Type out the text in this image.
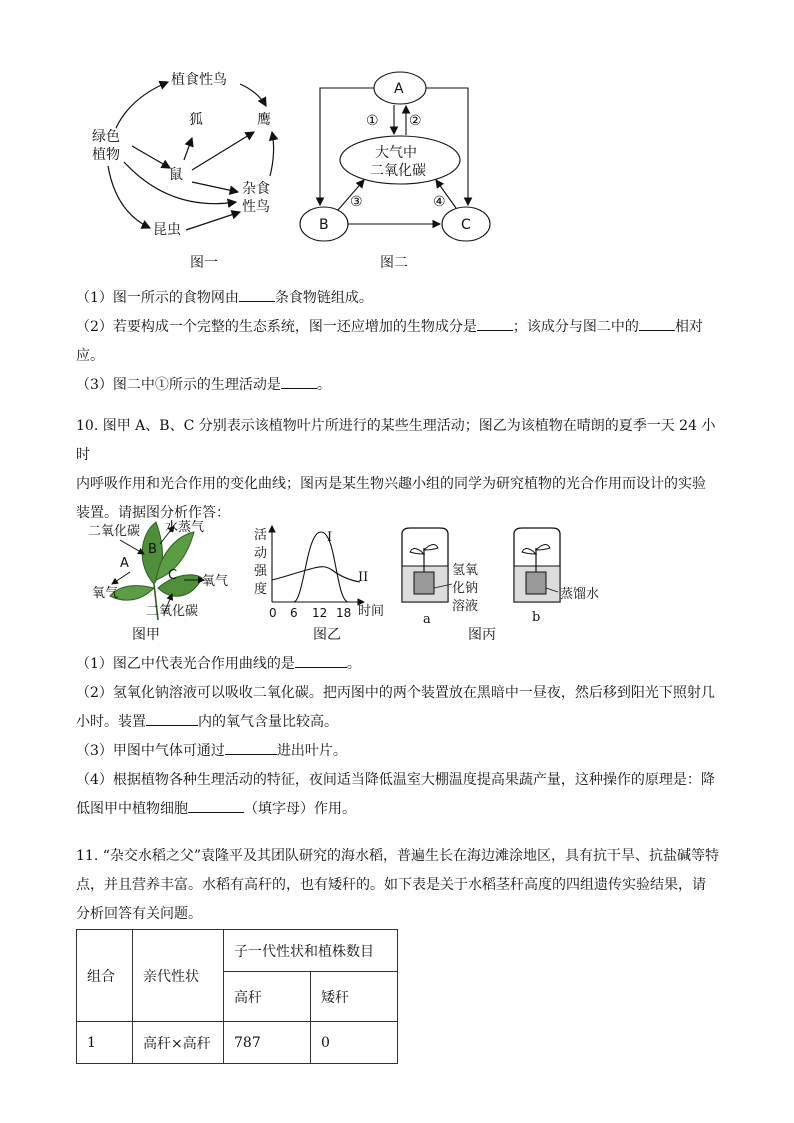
绿色
植物
植食性鸟
狐	鹰
鼠
杂食
性鸟
昆虫
图一
A
大气中
二氧化碳
B	C
① ②
③	④
图二

（1）图一所示的食物网由	条食物链组成。

（2）若要构成一个完整的生态系统，图一还应增加的生物成分是	；该成分与图二中的	相对

应。

（3）图二中①所示的生理活动是	。

10. 图甲 A、B、C 分别表示该植物叶片所进行的某些生理活动；图乙为该植物在晴朗的夏季一天 24 小时

内呼吸作用和光合作用的变化曲线；图丙是某生物兴趣小组的同学为研究植物的光合作用而设计的实验

装置。请据图分析作答：

二氧化碳 水蒸气
氧气
氧气
二氧化碳
A
B
C
图甲
活
动
强
度
I
II
0 6 12 18 时间
图乙
氢氧
化钠
溶液
蒸馏水
a	b
图丙

（1）图乙中代表光合作用曲线的是	。

（2）氢氧化钠溶液可以吸收二氧化碳。把丙图中的两个装置放在黑暗中一昼夜，然后移到阳光下照射几

小时。装置	内的氧气含量比较高。

（3）甲图中气体可通过	进出叶片。

（4）根据植物各种生理活动的特征，夜间适当降低温室大棚温度提高果蔬产量，这种操作的原理是：降

低图甲中植物细胞	（填字母）作用。

11. “杂交水稻之父”袁隆平及其团队研究的海水稻，普遍生长在海边滩涂地区，具有抗干旱、抗盐碱等特

点，并且营养丰富。水稻有高秆的，也有矮秆的。如下表是关于水稻茎秆高度的四组遗传实验结果，请

分析回答有关问题。

组合	亲代性状	子一代性状和植株数目	
		高秆	矮秆
1	高秆×高秆	787	0
